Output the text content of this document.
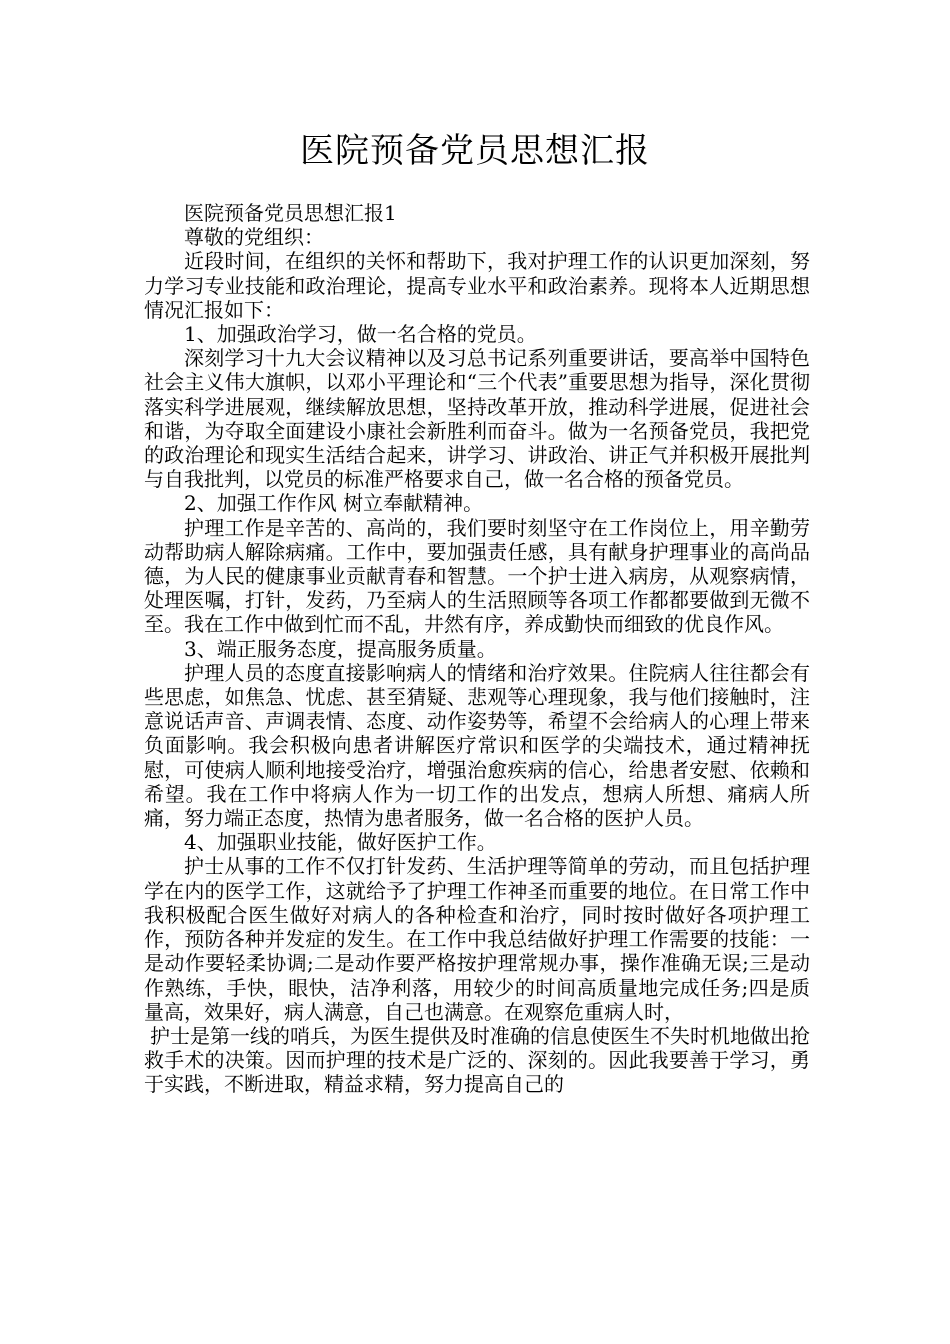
医院预备党员思想汇报

医院预备党员思想汇报1

尊敬的党组织：

近段时间，在组织的关怀和帮助下，我对护理工作的认识更加深刻，努力学习专业技能和政治理论，提高专业水平和政治素养。现将本人近期思想情况汇报如下：

1、加强政治学习，做一名合格的党员。

深刻学习十九大会议精神以及习总书记系列重要讲话，要高举中国特色社会主义伟大旗帜，以邓小平理论和“三个代表”重要思想为指导，深化贯彻落实科学进展观，继续解放思想，坚持改革开放，推动科学进展，促进社会和谐，为夺取全面建设小康社会新胜利而奋斗。做为一名预备党员，我把党的政治理论和现实生活结合起来，讲学习、讲政治、讲正气并积极开展批判与自我批判，以党员的标准严格要求自己，做一名合格的预备党员。

2、加强工作作风 树立奉献精神。

护理工作是辛苦的、高尚的，我们要时刻坚守在工作岗位上，用辛勤劳动帮助病人解除病痛。工作中，要加强责任感，具有献身护理事业的高尚品德，为人民的健康事业贡献青春和智慧。一个护士进入病房，从观察病情，处理医嘱，打针，发药，乃至病人的生活照顾等各项工作都都要做到无微不至。我在工作中做到忙而不乱，井然有序，养成勤快而细致的优良作风。

3、端正服务态度，提高服务质量。

护理人员的态度直接影响病人的情绪和治疗效果。住院病人往往都会有些思虑，如焦急、忧虑、甚至猜疑、悲观等心理现象，我与他们接触时，注意说话声音、声调表情、态度、动作姿势等，希望不会给病人的心理上带来负面影响。我会积极向患者讲解医疗常识和医学的尖端技术，通过精神抚慰，可使病人顺利地接受治疗，增强治愈疾病的信心，给患者安慰、依赖和希望。我在工作中将病人作为一切工作的出发点，想病人所想、痛病人所痛，努力端正态度，热情为患者服务，做一名合格的医护人员。

4、加强职业技能，做好医护工作。

护士从事的工作不仅打针发药、生活护理等简单的劳动，而且包括护理学在内的医学工作，这就给予了护理工作神圣而重要的地位。在日常工作中我积极配合医生做好对病人的各种检查和治疗，同时按时做好各项护理工作，预防各种并发症的发生。在工作中我总结做好护理工作需要的技能：一是动作要轻柔协调;二是动作要严格按护理常规办事，操作准确无误;三是动作熟练，手快，眼快，洁净利落，用较少的时间高质量地完成任务;四是质量高，效果好，病人满意，自己也满意。在观察危重病人时，

护士是第一线的哨兵，为医生提供及时准确的信息使医生不失时机地做出抢救手术的决策。因而护理的技术是广泛的、深刻的。因此我要善于学习，勇于实践，不断进取，精益求精，努力提高自己的
